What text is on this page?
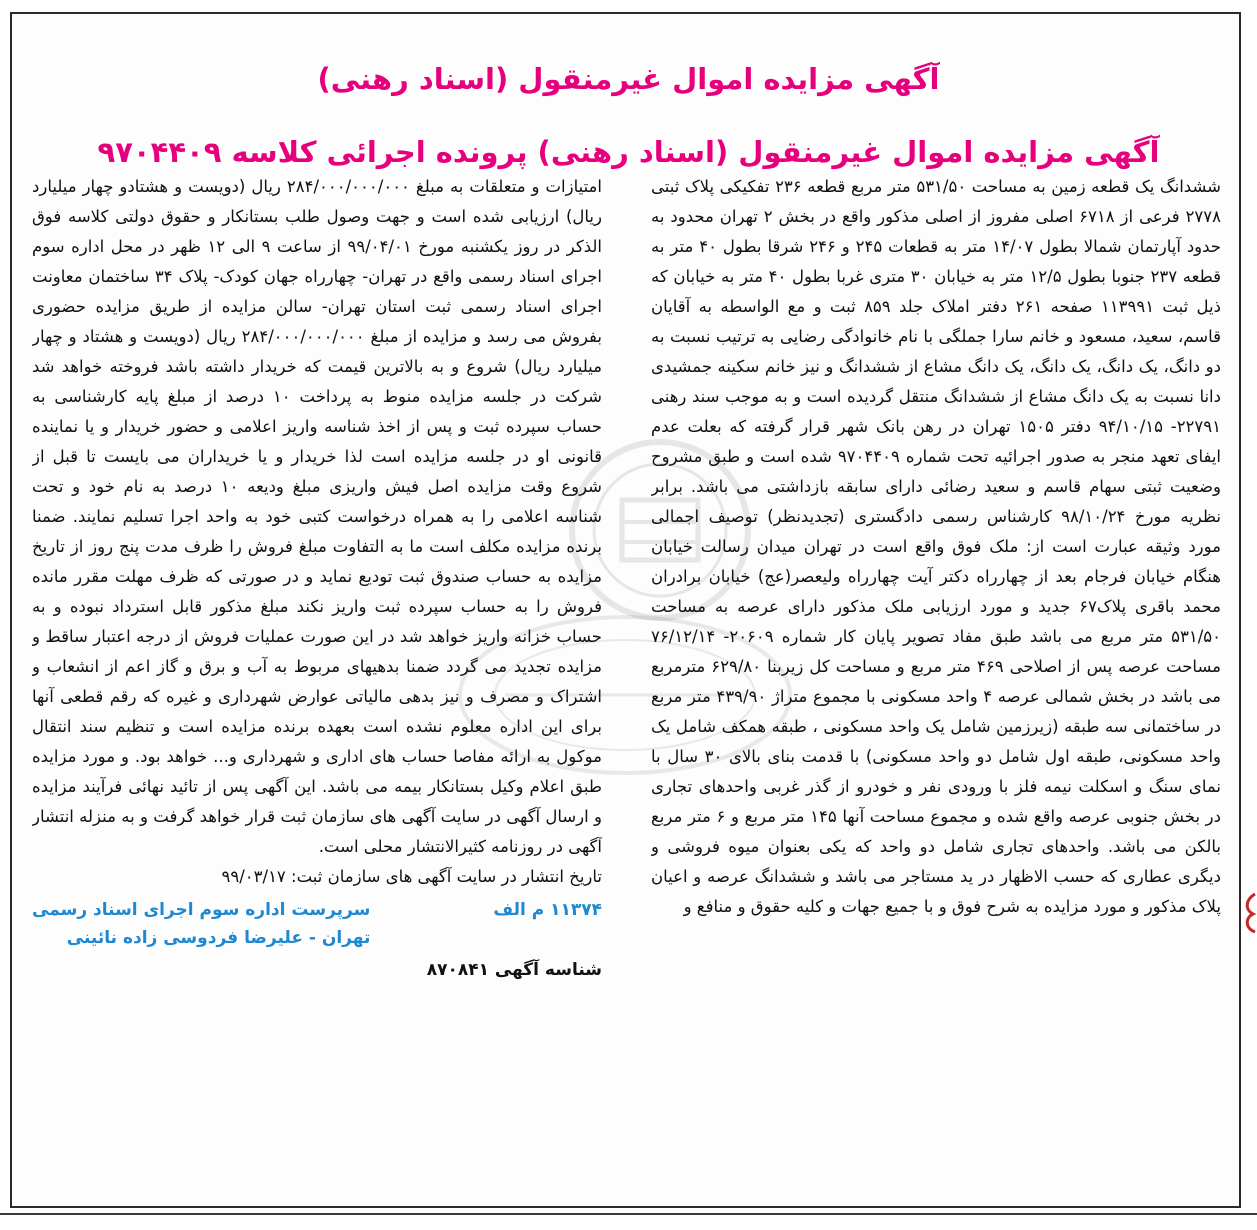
آگهی مزایده اموال غیرمنقول (اسناد رهنی)
آگهی مزایده اموال غیرمنقول (اسناد رهنی) پرونده اجرائی کلاسه ۹۷۰۴۴۰۹

ششدانگ یک قطعه زمین به مساحت ۵۳۱/۵۰ متر مربع قطعه ۲۳۶ تفکیکی پلاک ثبتی ۲۷۷۸ فرعی از ۶۷۱۸ اصلی مفروز از اصلی مذکور واقع در بخش ۲ تهران محدود به حدود آپارتمان شمالا بطول ۱۴/۰۷ متر به قطعات ۲۴۵ و ۲۴۶ شرقا بطول ۴۰ متر به قطعه ۲۳۷ جنوبا بطول ۱۲/۵ متر به خیابان ۳۰ متری غربا بطول ۴۰ متر به خیابان که ذیل ثبت ۱۱۳۹۹۱ صفحه ۲۶۱ دفتر املاک جلد ۸۵۹ ثبت و مع الواسطه به آقایان قاسم، سعید، مسعود و خانم سارا جملگی با نام خانوادگی رضایی به ترتیب نسبت به دو دانگ، یک دانگ، یک دانگ، یک دانگ مشاع از ششدانگ و نیز خانم سکینه جمشیدی دانا نسبت به یک دانگ مشاع از ششدانگ منتقل گردیده است و به موجب سند رهنی ۲۲۷۹۱- ۹۴/۱۰/۱۵ دفتر ۱۵۰۵ تهران در رهن بانک شهر قرار گرفته که بعلت عدم ایفای تعهد منجر به صدور اجرائیه تحت شماره ۹۷۰۴۴۰۹ شده است و طبق مشروح وضعیت ثبتی سهام قاسم و سعید رضائی دارای سابقه بازداشتی می باشد. برابر نظریه مورخ ۹۸/۱۰/۲۴ کارشناس رسمی دادگستری (تجدیدنظر) توصیف اجمالی مورد وثیقه عبارت است از: ملک فوق واقع است در تهران میدان رسالت خیابان هنگام خیابان فرجام بعد از چهارراه دکتر آیت چهارراه ولیعصر(عج) خیابان برادران محمد باقری پلاک۶۷ جدید و مورد ارزیابی ملک مذکور دارای عرصه به مساحت ۵۳۱/۵۰ متر مربع می باشد طبق مفاد تصویر پایان کار شماره ۲۰۶۰۹- ۷۶/۱۲/۱۴ مساحت عرصه پس از اصلاحی ۴۶۹ متر مربع و مساحت کل زیربنا ۶۲۹/۸۰ مترمربع می باشد در بخش شمالی عرصه ۴ واحد مسکونی با مجموع متراژ ۴۳۹/۹۰ متر مربع در ساختمانی سه طبقه (زیرزمین شامل یک واحد مسکونی ، طبقه همکف شامل یک واحد مسکونی، طبقه اول شامل دو واحد مسکونی) با قدمت بنای بالای ۳۰ سال با نمای سنگ و اسکلت نیمه فلز با ورودی نفر و خودرو از گذر غربی واحدهای تجاری در بخش جنوبی عرصه واقع شده و مجموع مساحت آنها ۱۴۵ متر مربع و ۶ متر مربع بالکن می باشد. واحدهای تجاری شامل دو واحد که یکی بعنوان میوه فروشی و دیگری عطاری که حسب الاظهار در ید مستاجر می باشد و ششدانگ عرصه و اعیان پلاک مذکور و مورد مزایده به شرح فوق و با جمیع جهات و کلیه حقوق و منافع و

امتیازات و متعلقات به مبلغ ۲۸۴/۰۰۰/۰۰۰/۰۰۰ ریال (دویست و هشتادو چهار میلیارد ریال) ارزیابی شده است و جهت وصول طلب بستانکار و حقوق دولتی کلاسه فوق الذکر در روز یکشنبه مورخ ۹۹/۰۴/۰۱ از ساعت ۹ الی ۱۲ ظهر در محل اداره سوم اجرای اسناد رسمی واقع در تهران- چهارراه جهان کودک- پلاک ۳۴ ساختمان معاونت اجرای اسناد رسمی ثبت استان تهران- سالن مزایده از طریق مزایده حضوری بفروش می رسد و مزایده از مبلغ ۲۸۴/۰۰۰/۰۰۰/۰۰۰ ریال (دویست و هشتاد و چهار میلیارد ریال) شروع و به بالاترین قیمت که خریدار داشته باشد فروخته خواهد شد شرکت در جلسه مزایده منوط به پرداخت ۱۰ درصد از مبلغ پایه کارشناسی به حساب سپرده ثبت و پس از اخذ شناسه واریز اعلامی و حضور خریدار و یا نماینده قانونی او در جلسه مزایده است لذا خریدار و یا خریداران می بایست تا قبل از شروع وقت مزایده اصل فیش واریزی مبلغ ودیعه ۱۰ درصد به نام خود و تحت شناسه اعلامی را به همراه درخواست کتبی خود به واحد اجرا تسلیم نمایند. ضمنا برنده مزایده مکلف است ما به التفاوت مبلغ فروش را ظرف مدت پنج روز از تاریخ مزایده به حساب صندوق ثبت تودیع نماید و در صورتی که ظرف مهلت مقرر مانده فروش را به حساب سپرده ثبت واریز نکند مبلغ مذکور قابل استرداد نبوده و به حساب خزانه واریز خواهد شد در این صورت عملیات فروش از درجه اعتبار ساقط و مزایده تجدید می گردد ضمنا بدهیهای مربوط به آب و برق و گاز اعم از انشعاب و اشتراک و مصرف و نیز بدهی مالیاتی عوارض شهرداری و غیره که رقم قطعی آنها برای این اداره معلوم نشده است بعهده برنده مزایده است و تنظیم سند انتقال موکول به ارائه مفاصا حساب های اداری و شهرداری و... خواهد بود. و مورد مزایده طبق اعلام وکیل بستانکار بیمه می باشد. این آگهی پس از تائید نهائی فرآیند مزایده و ارسال آگهی در سایت آگهی های سازمان ثبت قرار خواهد گرفت و به منزله انتشار آگهی در روزنامه کثیرالانتشار محلی است.

تاریخ انتشار در سایت آگهی های سازمان ثبت: ۹۹/۰۳/۱۷

۱۱۳۷۴ م الف
سرپرست اداره سوم اجرای اسناد رسمی
تهران - علیرضا فردوسی زاده نائینی
شناسه آگهی ۸۷۰۸۴۱
